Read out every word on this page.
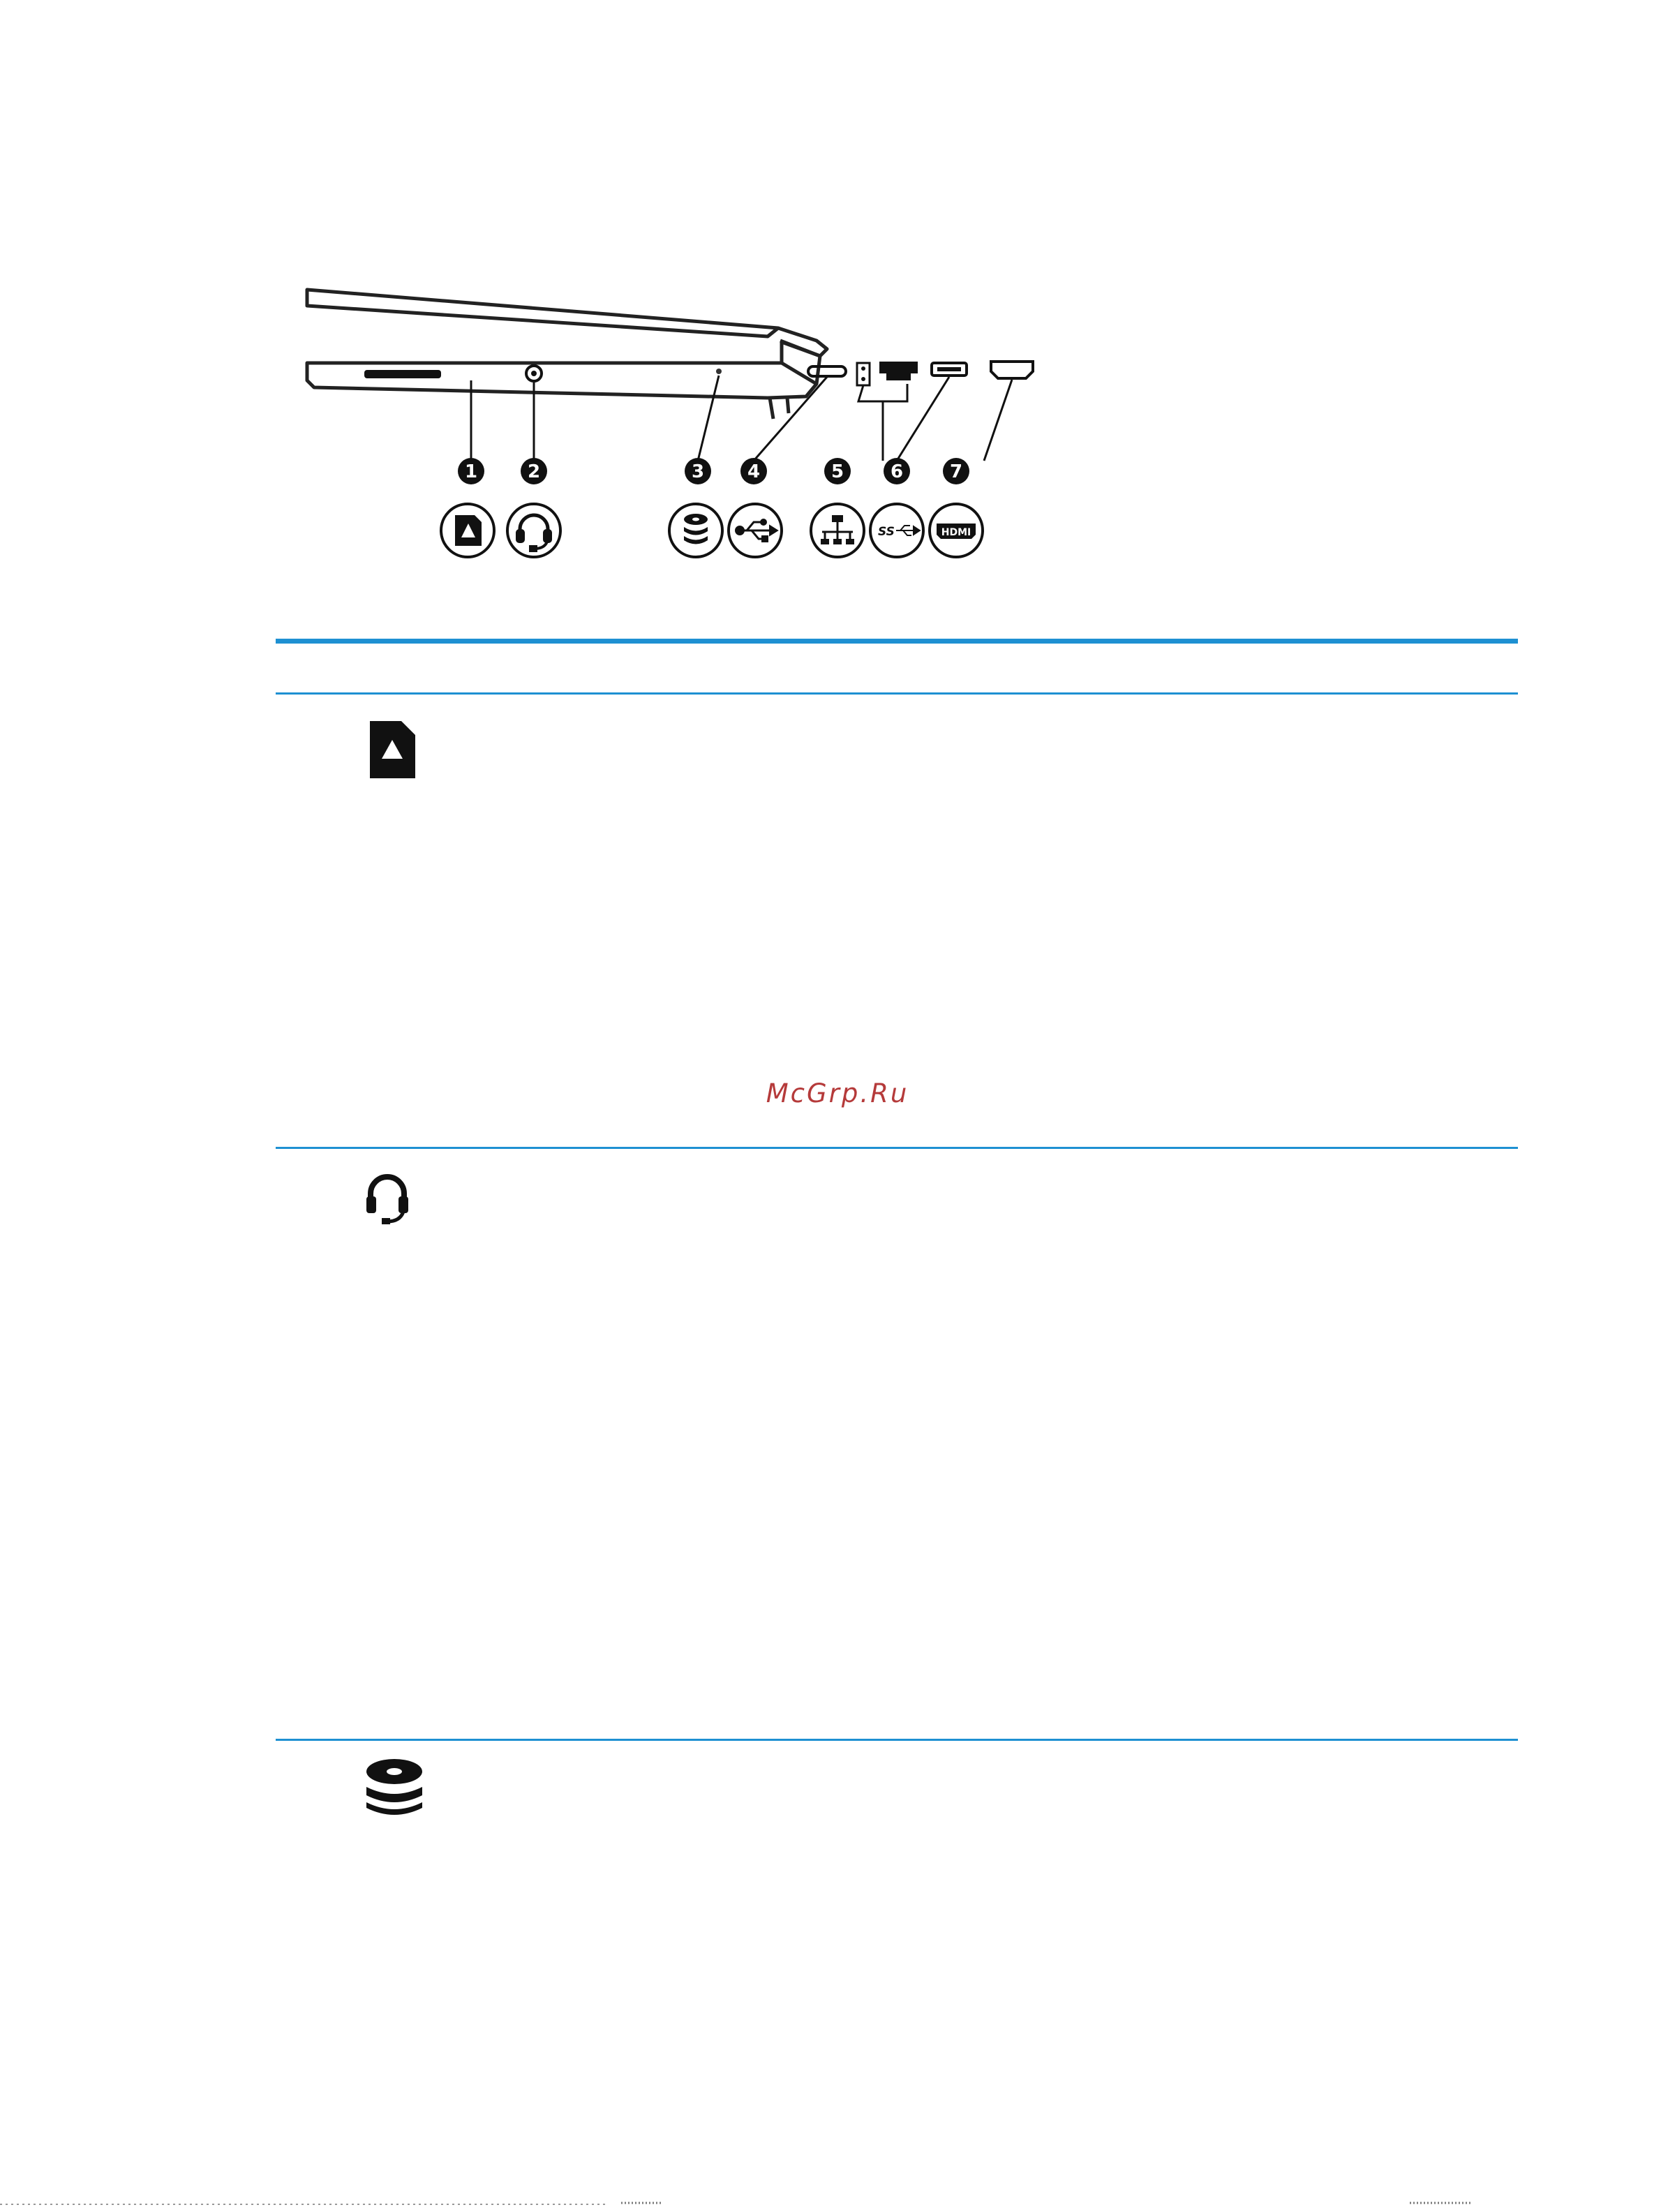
1	2	3 4	5	6	7
SS	HDMI
McGrp.Ru
